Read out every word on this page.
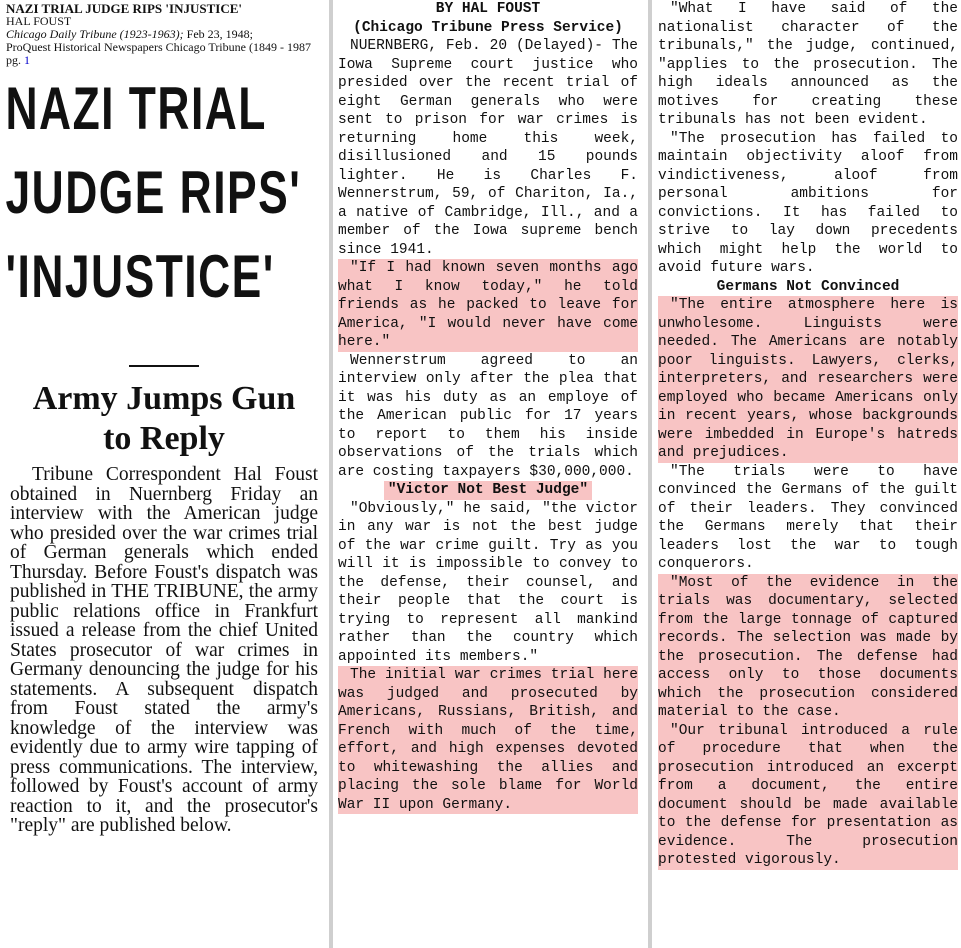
NAZI TRIAL JUDGE RIPS 'INJUSTICE'
HAL FOUST
Chicago Daily Tribune (1923-1963); Feb 23, 1948;
ProQuest Historical Newspapers Chicago Tribune (1849 - 1987
pg. 1
NAZI TRIAL
JUDGE RIPS'
'INJUSTICE'
Army Jumps Gun
to Reply

Tribune Correspondent Hal Foust obtained in Nuernberg Friday an interview with the American judge who presided over the war crimes trial of German generals which ended Thursday. Before Foust's dispatch was published in THE TRIBUNE, the army public relations office in Frankfurt issued a release from the chief United States prosecutor of war crimes in Germany denouncing the judge for his statements. A subsequent dispatch from Foust stated the army's knowledge of the interview was evidently due to army wire tapping of press communications. The interview, followed by Foust's account of army reaction to it, and the prosecutor's "reply" are published below.

BY HAL FOUST
(Chicago Tribune Press Service)

NUERNBERG, Feb. 20 (Delayed)- The Iowa Supreme court justice who presided over the recent trial of eight German generals who were sent to prison for war crimes is returning home this week, disillusioned and 15 pounds lighter. He is Charles F. Wennerstrum, 59, of Chariton, Ia., a native of Cambridge, Ill., and a member of the Iowa supreme bench since 1941.

"If I had known seven months ago what I know today," he told friends as he packed to leave for America, "I would never have come here."

Wennerstrum agreed to an interview only after the plea that it was his duty as an employe of the American public for 17 years to report to them his inside observations of the trials which are costing taxpayers $30,000,000.

"Victor Not Best Judge"

"Obviously," he said, "the victor in any war is not the best judge of the war crime guilt. Try as you will it is impossible to convey to the defense, their counsel, and their people that the court is trying to represent all mankind rather than the country which appointed its members."

The initial war crimes trial here was judged and prosecuted by Americans, Russians, British, and French with much of the time, effort, and high expenses devoted to whitewashing the allies and placing the sole blame for World War II upon Germany.

"What I have said of the nationalist character of the tribunals," the judge, continued, "applies to the prosecution. The high ideals announced as the motives for creating these tribunals has not been evident.

"The prosecution has failed to maintain objectivity aloof from vindictiveness, aloof from personal ambitions for convictions. It has failed to strive to lay down precedents which might help the world to avoid future wars.

Germans Not Convinced

"The entire atmosphere here is unwholesome. Linguists were needed. The Americans are notably poor linguists. Lawyers, clerks, interpreters, and researchers were employed who became Americans only in recent years, whose backgrounds were imbedded in Europe's hatreds and prejudices.

"The trials were to have convinced the Germans of the guilt of their leaders. They convinced the Germans merely that their leaders lost the war to tough conquerors.

"Most of the evidence in the trials was documentary, selected from the large tonnage of captured records. The selection was made by the prosecution. The defense had access only to those documents which the prosecution considered material to the case.

"Our tribunal introduced a rule of procedure that when the prosecution introduced an excerpt from a document, the entire document should be made available to the defense for presentation as evidence. The prosecution protested vigorously.
